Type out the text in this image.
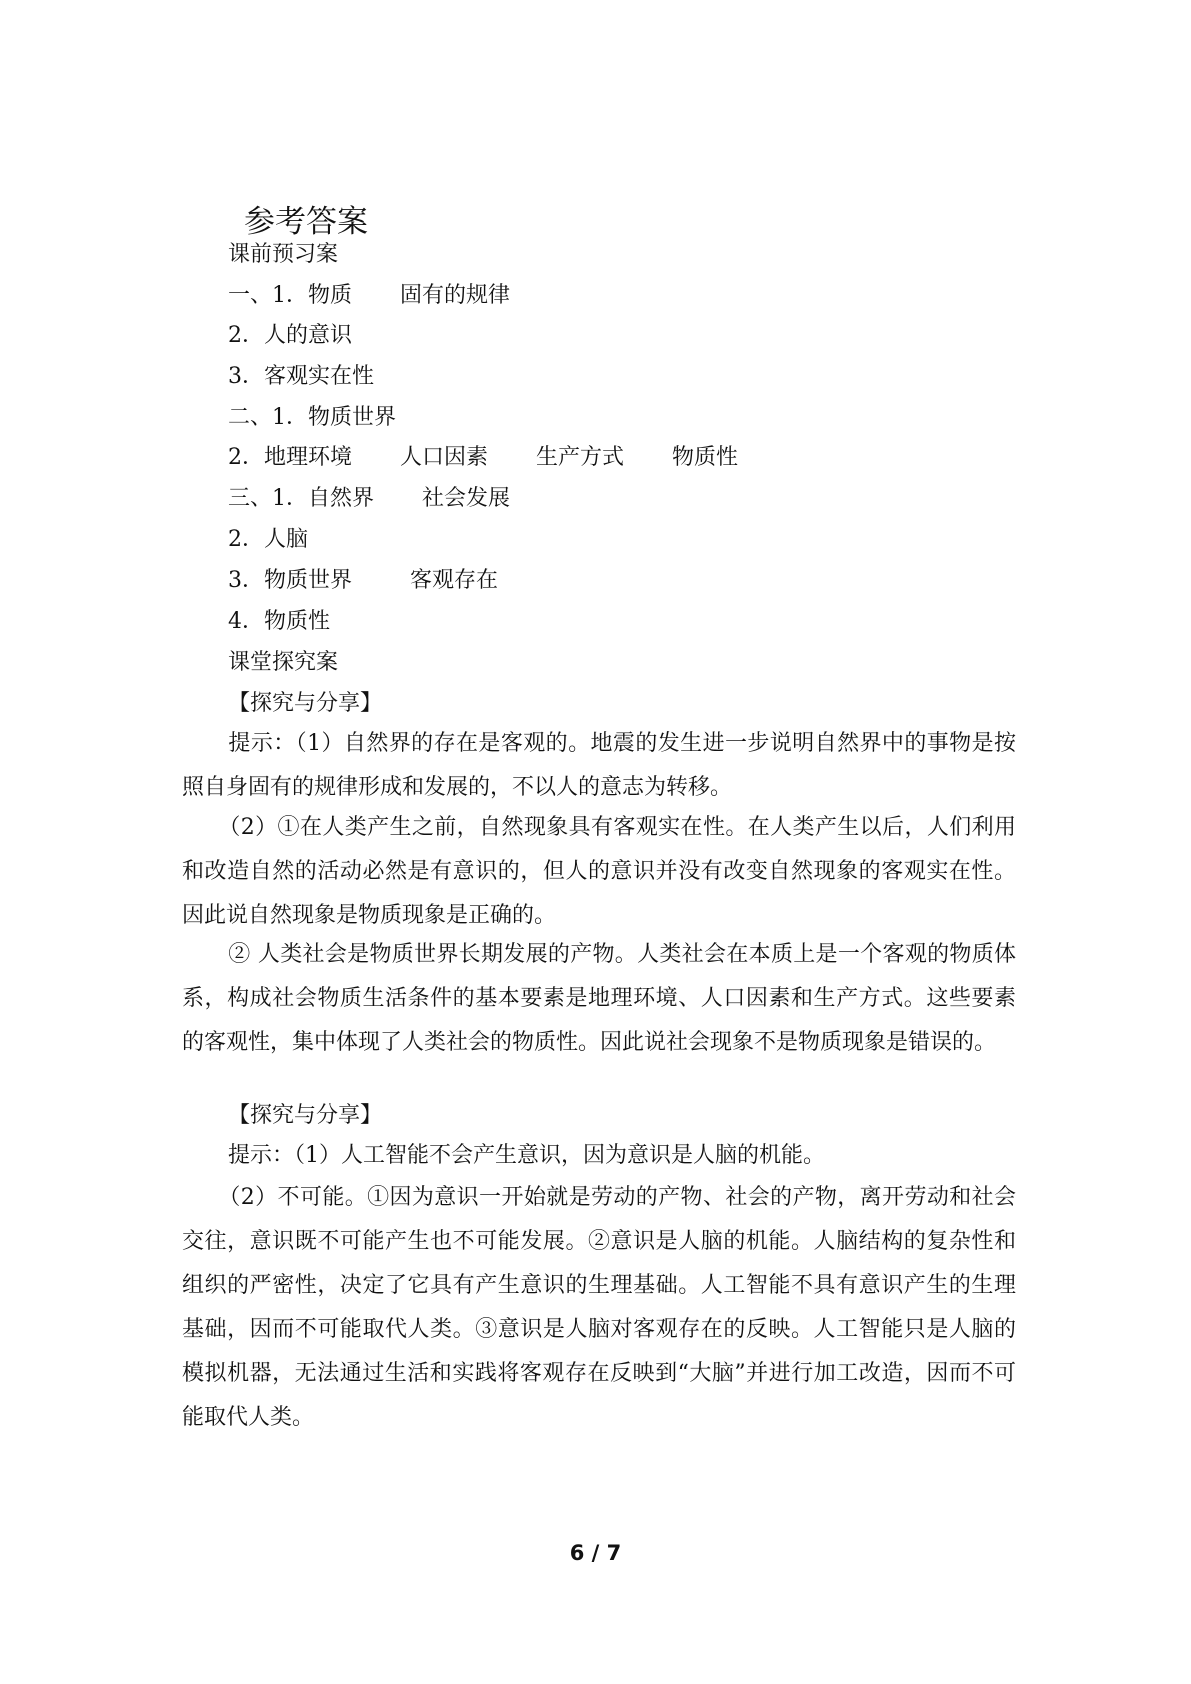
参考答案
课前预习案
一、1．物质 固有的规律
2．人的意识
3．客观实在性
二、1．物质世界
2．地理环境 人口因素 生产方式 物质性
三、1．自然界 社会发展
2．人脑
3．物质世界	客观存在
4．物质性
课堂探究案
【探究与分享】
提示：（1）自然界的存在是客观的。地震的发生进一步说明自然界中的事物是按照自身固有的规律形成和发展的，不以人的意志为转移。
（2）①在人类产生之前，自然现象具有客观实在性。在人类产生以后，人们利用和改造自然的活动必然是有意识的，但人的意识并没有改变自然现象的客观实在性。因此说自然现象是物质现象是正确的。
② 人类社会是物质世界长期发展的产物。人类社会在本质上是一个客观的物质体系，构成社会物质生活条件的基本要素是地理环境、人口因素和生产方式。这些要素的客观性，集中体现了人类社会的物质性。因此说社会现象不是物质现象是错误的。
【探究与分享】
提示：（1）人工智能不会产生意识，因为意识是人脑的机能。
（2）不可能。①因为意识一开始就是劳动的产物、社会的产物，离开劳动和社会交往，意识既不可能产生也不可能发展。②意识是人脑的机能。人脑结构的复杂性和组织的严密性，决定了它具有产生意识的生理基础。人工智能不具有意识产生的生理基础，因而不可能取代人类。③意识是人脑对客观存在的反映。人工智能只是人脑的模拟机器，无法通过生活和实践将客观存在反映到“大脑”并进行加工改造，因而不可能取代人类。
6 / 7
